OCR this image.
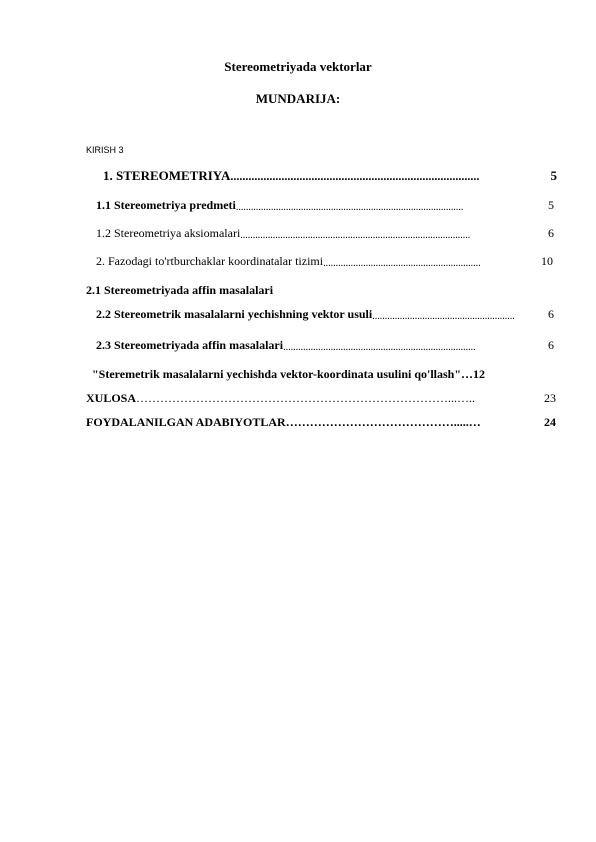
Stereometriyada vektorlar
MUNDARIJA:
KIRISH 3
1. STEREOMETRIYA ...................................................................................	5
1.1 Stereometriya predmeti ...........................................................................................	5
1.2 Stereometriya aksiomalari ............................................................................................	6
2. Fazodagi to'rtburchaklar koordinatalar tizimi ...............................................................	10
2.1 Stereometriyada affin masalalari
2.2 Stereometrik masalalarni yechishning vektor usuli .........................................................	6
2.3 Stereometriyada affin masalalari .............................................................................	6
"Steremetrik masalalarni yechishda vektor-koordinata usulini qo'llash"… 12
XULOSA ……………………………………………………………………...…..	23
FOYDALANILGAN ADABIYOTLAR …………………………………….....…	24
